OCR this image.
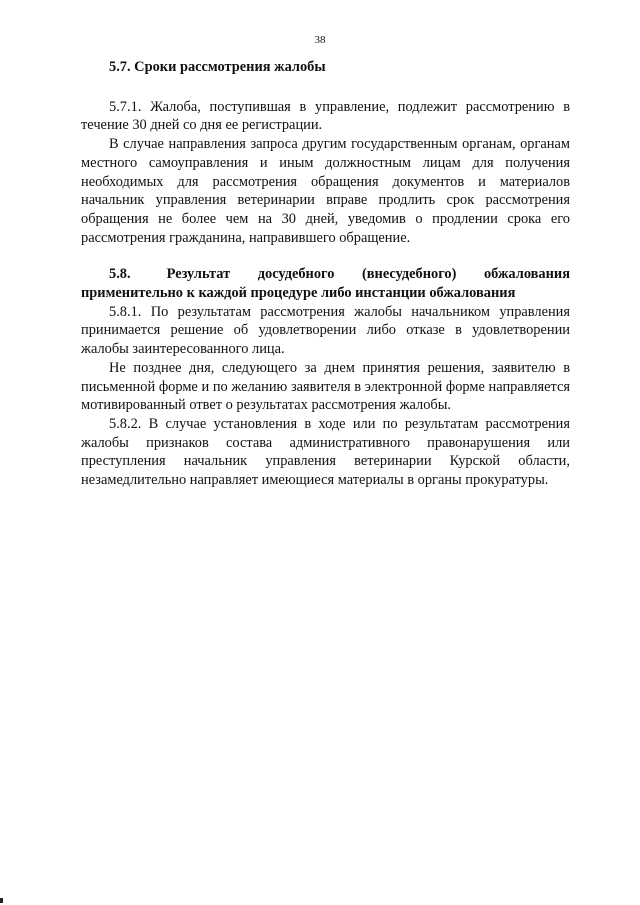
38

5.7. Сроки рассмотрения жалобы

5.7.1. Жалоба, поступившая в управление, подлежит рассмотрению в течение 30 дней со дня ее регистрации.

В случае направления запроса другим государственным органам, органам местного самоуправления и иным должностным лицам для получения необходимых для рассмотрения обращения документов и материалов начальник управления ветеринарии вправе продлить срок рассмотрения обращения не более чем на 30 дней, уведомив о продлении срока его рассмотрения гражданина, направившего обращение.

5.8.	Результат досудебного (внесудебного) обжалования применительно к каждой процедуре либо инстанции обжалования

5.8.1. По результатам рассмотрения жалобы начальником управления принимается решение об удовлетворении либо отказе в удовлетворении жалобы заинтересованного лица.

Не позднее дня, следующего за днем принятия решения, заявителю в письменной форме и по желанию заявителя в электронной форме направляется мотивированный ответ о результатах рассмотрения жалобы.

5.8.2. В случае установления в ходе или по результатам рассмотрения жалобы признаков состава административного правонарушения или преступления начальник управления ветеринарии Курской области, незамедлительно направляет имеющиеся материалы в органы прокуратуры.
